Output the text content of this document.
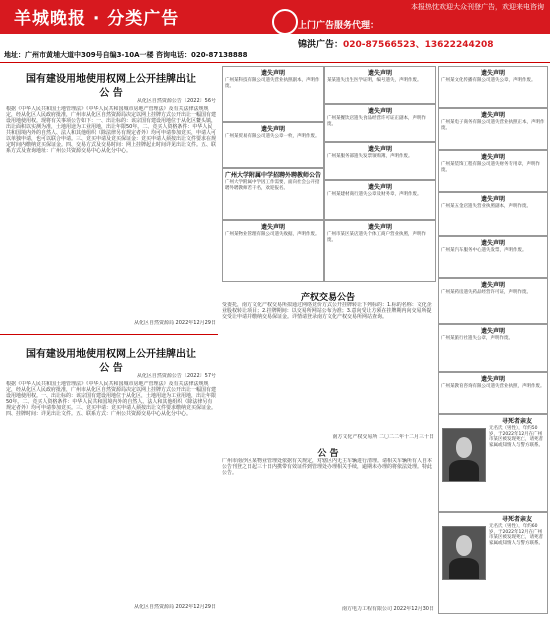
羊城晚报 · 分类广告
本报热忱欢迎大众刊登广告，欢迎来电咨询
上门广告服务代理：
锦洪广告：020-87566523、13622244208
地址：广州市黄埔大道中309号自编3-10A一楼 咨询电话：020-87138888
国有建设用地使用权网上公开挂牌出让
公 告
从化区自然资源公告〔2022〕56号
根据《中华人民共和国土地管理法》《中华人民共和国城市房地产管理法》及有关法律法规规定，经从化区人民政府批准，广州市从化区自然资源局决定以网上挂牌方式公开出让一幅国有建设用地使用权。现将有关事项公告如下：一、出让标的：该宗国有建设用地位于从化区鳌头镇，出让面积以实测为准，土地用途为工业用地，出让年限50年。二、竞买人资格条件：中华人民共和国境内外的自然人、法人和其他组织（除法律另有规定者外）均可申请参加竞买，申请人可以单独申请，也可以联合申请。三、竞买申请及竞买保证金：竞买申请人须按出让文件要求在规定时间内缴纳竞买保证金。四、交易方式及交易时间：网上挂牌起止时间详见出让文件。五、联系方式及查询地址：广州公共资源交易中心从化分中心。
从化区自然资源局 2022年12月29日
国有建设用地使用权网上公开挂牌出让
公 告
从化区自然资源公告〔2022〕57号
根据《中华人民共和国土地管理法》《中华人民共和国城市房地产管理法》及有关法律法规规定，经从化区人民政府批准，广州市从化区自然资源局决定以网上挂牌方式公开出让一幅国有建设用地使用权。一、出让标的：该宗国有建设用地位于从化区，土地用途为工业用地，出让年限50年。二、竞买人资格条件：中华人民共和国境内外的自然人、法人和其他组织（除法律另有规定者外）均可申请参加竞买。三、竞买申请：竞买申请人须按出让文件要求缴纳竞买保证金。四、挂牌时间：详见出让文件。五、联系方式：广州公共资源交易中心从化分中心。
从化区自然资源局 2022年12月29日
遗失声明
广州某科技有限公司遗失营业执照副本，声明作废。
遗失声明
广州某贸易有限公司遗失公章一枚，声明作废。
遗失声明
某某遗失出生医学证明，编号遗失，声明作废。
遗失声明
广州某餐饮店遗失食品经营许可证正副本，声明作废。
遗失声明
广州某服务部遗失发票领购簿，声明作废。
广州大学附属中学招聘外聘教师公告
广州大学附属中学因工作需要，面向社会公开招聘外聘教师若干名，欢迎报名。	遗失声明
广州某建材商行遗失公章及财务章，声明作废。
遗失声明
广州某物业管理有限公司遗失收据，声明作废。
遗失声明
广州市某区某店遗失个体工商户营业执照，声明作废。
产权交易公告
受委托，南方文化产权交易所拟通过网络竞价方式公开挂牌转让下列标的：1.标的名称：文化企业股权转让项目；2.挂牌期间：以交易所网站公布为准；3.意向受让方须在挂牌期内向交易所提交受让申请并缴纳交易保证金。详情请登录南方文化产权交易所网站查询。
南方文化产权交易所 二〇二二年十二月三十日
公 告
广州市南沙区某物业管理处依据有关规定，对辖区内无主车辆进行清理。请相关车辆所有人自本公告刊登之日起三十日内携带有效证件到管理处办理相关手续，逾期未办理的将依法处理。特此公告。
南方电力工程有限公司 2022年12月30日
遗失声明
广州某文化传播有限公司遗失公章，声明作废。
遗失声明
广州某电子商务有限公司遗失营业执照正本，声明作废。
遗失声明
广州某装饰工程有限公司遗失财务专用章，声明作废。
遗失声明
广州某五金店遗失营业执照副本，声明作废。
遗失声明
广州某汽车服务中心遗失发票，声明作废。
遗失声明
广州某药房遗失药品经营许可证，声明作废。
遗失声明
广州某旅行社遗失公章，声明作废。
遗失声明
广州某教育咨询有限公司遗失营业执照，声明作废。
寻死者亲友
无名氏（男性），年约50岁，于2022年12月在广州市某区被发现死亡，请死者家属或知情人与警方联系。
寻死者亲友
无名氏（男性），年约60岁，于2022年12月在广州市某区被发现死亡，请死者家属或知情人与警方联系。
